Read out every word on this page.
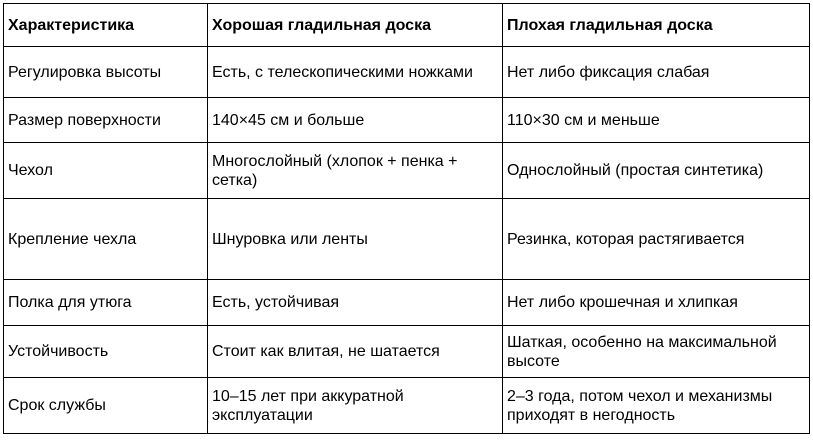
Характеристика	Хорошая гладильная доска	Плохая гладильная доска
Регулировка высоты	Есть, с телескопическими ножками	Нет либо фиксация слабая
Размер поверхности	140×45 см и больше	110×30 см и меньше
Чехол	Многослойный (хлопок + пенка + сетка)	Однослойный (простая синтетика)
Крепление чехла	Шнуровка или ленты	Резинка, которая растягивается
Полка для утюга	Есть, устойчивая	Нет либо крошечная и хлипкая
Устойчивость	Стоит как влитая, не шатается	Шаткая, особенно на максимальной высоте
Срок службы	10–15 лет при аккуратной эксплуатации	2–3 года, потом чехол и механизмы приходят в негодность
